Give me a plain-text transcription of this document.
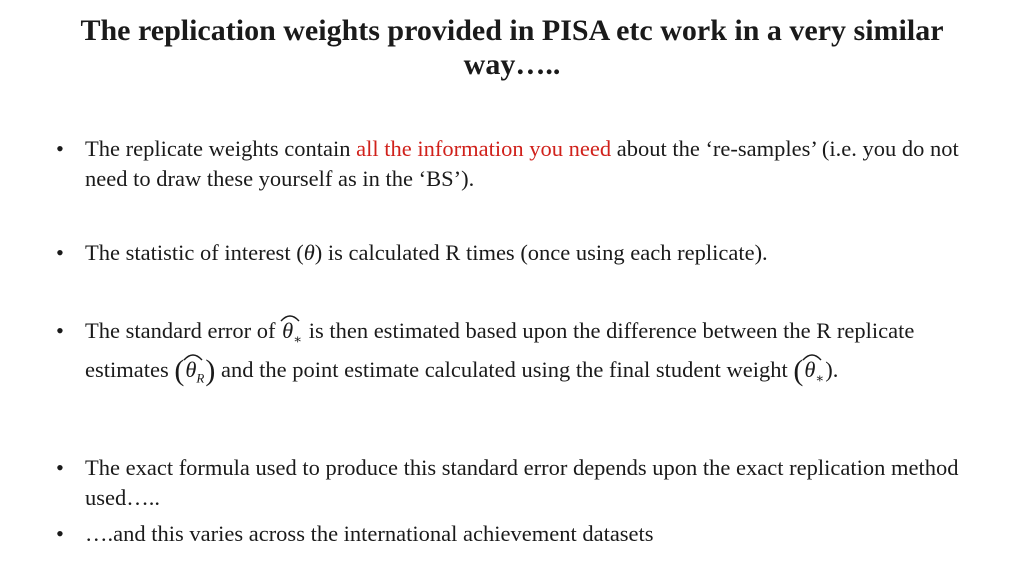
The replication weights provided in PISA etc work in a very similar way…..
• The replicate weights contain all the information you need about the ‘re-samples’ (i.e. you do not need to draw these yourself as in the ‘BS’).
• The statistic of interest (θ) is calculated R times (once using each replicate).
• The standard error of
$\theta_∗$ is then estimated based upon the difference between the R replicate estimates (
$\theta_R$) and the point estimate calculated using the final student weight (
$\theta_∗$).
• The exact formula used to produce this standard error depends upon the exact replication method used…..
• ….and this varies across the international achievement datasets
